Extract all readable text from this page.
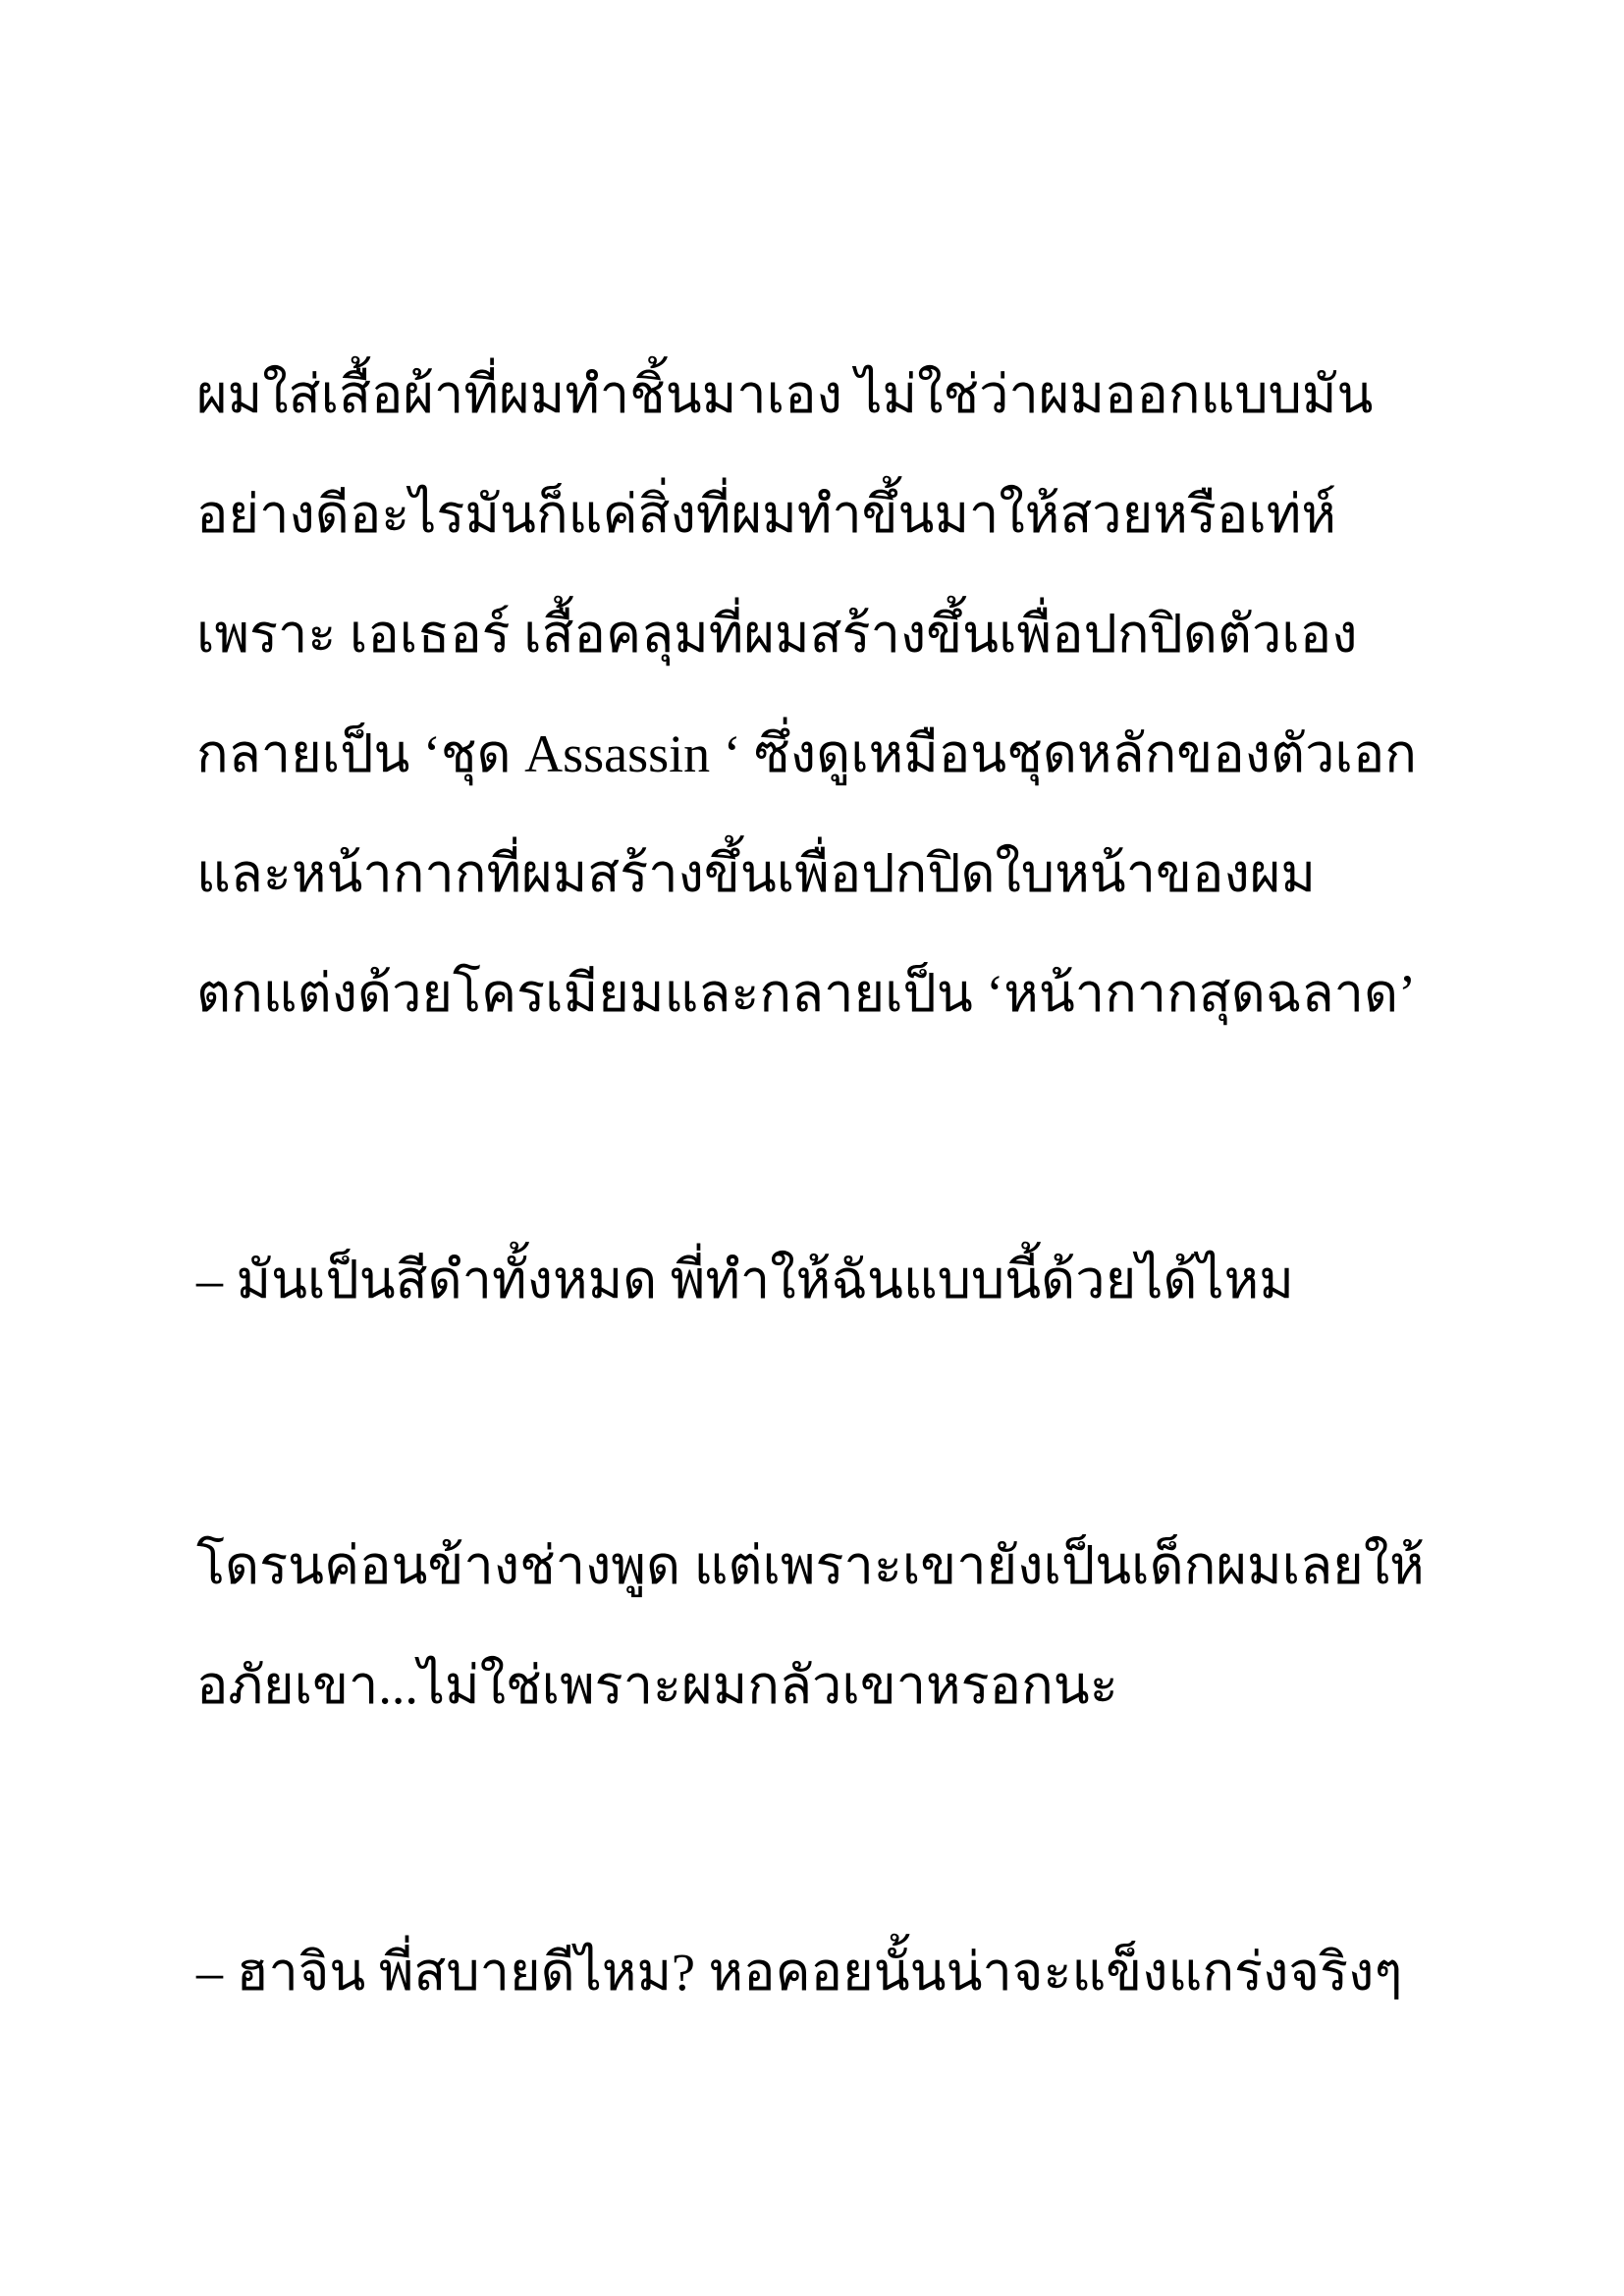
ผมใส่เสื้อผ้าที่ผมทำชิ้นมาเอง ไม่ใช่ว่าผมออกแบบมัน

อย่างดีอะไรมันก็แค่สิ่งที่ผมทำขึ้นมาให้สวยหรือเท่ห์

เพราะ เอเธอร์ เสื้อคลุมที่ผมสร้างขึ้นเพื่อปกปิดตัวเอง

กลายเป็น ‘ชุด Assassin ‘ ซึ่งดูเหมือนชุดหลักของตัวเอก

และหน้ากากที่ผมสร้างขึ้นเพื่อปกปิดใบหน้าของผม

ตกแต่งด้วยโครเมียมและกลายเป็น ‘หน้ากากสุดฉลาด’

– มันเป็นสีดำทั้งหมด พี่ทำให้ฉันแบบนี้ด้วยได้ไหม

โดรนค่อนข้างช่างพูด แต่เพราะเขายังเป็นเด็กผมเลยให้

อภัยเขา...ไม่ใช่เพราะผมกลัวเขาหรอกนะ

– ฮาจิน พี่สบายดีไหม? หอคอยนั้นน่าจะแข็งแกร่งจริงๆ
